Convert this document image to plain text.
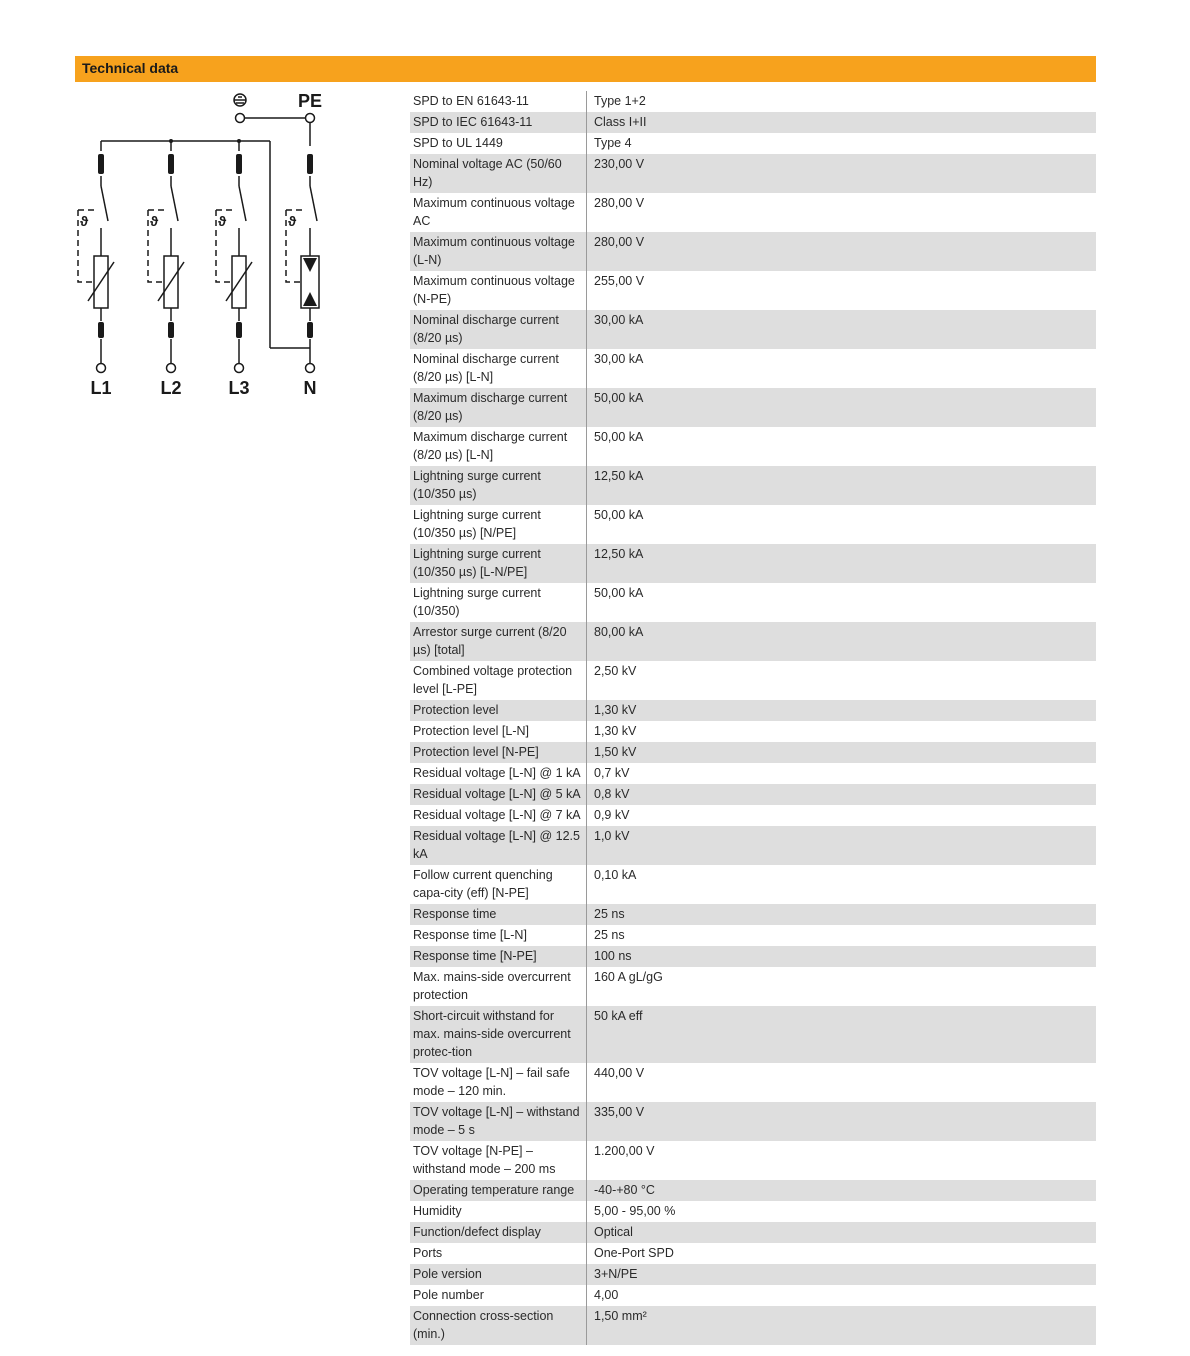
Technical data
ϑ	ϑ	ϑ	ϑ
PE
L1	L2	L3	N
SPD to EN 61643-11	Type 1+2
SPD to IEC 61643-11	Class I+II
SPD to UL 1449	Type 4
Nominal voltage AC (50/60 Hz)	230,00 V
Maximum continuous voltage AC	280,00 V
Maximum continuous voltage (L-N)	280,00 V
Maximum continuous voltage (N-PE)	255,00 V
Nominal discharge current (8/20 µs)	30,00 kA
Nominal discharge current (8/20 µs) [L-N]	30,00 kA
Maximum discharge current (8/20 µs)	50,00 kA
Maximum discharge current (8/20 µs) [L-N]	50,00 kA
Lightning surge current (10/350 µs)	12,50 kA
Lightning surge current (10/350 µs) [N/PE]	50,00 kA
Lightning surge current (10/350 µs) [L-N/PE]	12,50 kA
Lightning surge current (10/350)	50,00 kA
Arrestor surge current (8/20 µs) [total]	80,00 kA
Combined voltage protection level [L-PE]	2,50 kV
Protection level	1,30 kV
Protection level [L-N]	1,30 kV
Protection level [N-PE]	1,50 kV
Residual voltage [L-N] @ 1 kA	0,7 kV
Residual voltage [L-N] @ 5 kA	0,8 kV
Residual voltage [L-N] @ 7 kA	0,9 kV
Residual voltage [L-N] @ 12.5 kA	1,0 kV
Follow current quenching capa-city (eff) [N-PE]	0,10 kA
Response time	25 ns
Response time [L-N]	25 ns
Response time [N-PE]	100 ns
Max. mains-side overcurrent protection	160 A gL/gG
Short-circuit withstand for max. mains-side overcurrent protec-tion	50 kA eff
TOV voltage [L-N] – fail safe mode – 120 min.	440,00 V
TOV voltage [L-N] – withstand mode – 5 s	335,00 V
TOV voltage [N-PE] – withstand mode – 200 ms	1.200,00 V
Operating temperature range	-40-+80 °C
Humidity	5,00 - 95,00 %
Function/defect display	Optical
Ports	One-Port SPD
Pole version	3+N/PE
Pole number	4,00
Connection cross-section (min.)	1,50 mm²
